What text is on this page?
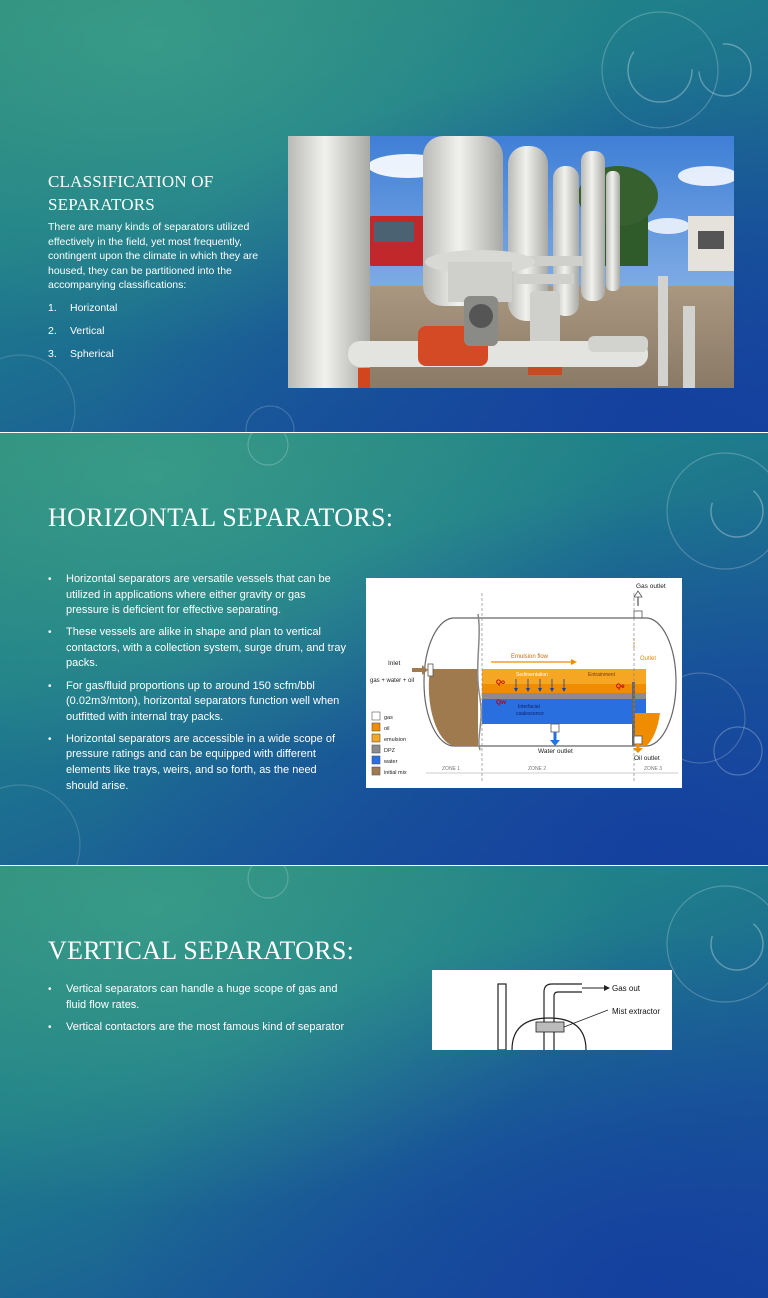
CLASSIFICATION OF
SEPARATORS
There are many kinds of separators utilized effectively in the field, yet most frequently, contingent upon the climate in which they are housed, they can be partitioned into the accompanying classifications:
1.	Horizontal
2.	Vertical
3.	Spherical
HORIZONTAL SEPARATORS:
• Horizontal separators are versatile vessels that can be utilized in applications where either gravity or gas pressure is deficient for effective separating.
• These vessels are alike in shape and plan to vertical contactors, with a collection system, surge drum, and tray packs.
• For gas/fluid proportions up to around 150 scfm/bbl (0.02m3/mton), horizontal separators function well when outfitted with internal tray packs.
• Horizontal separators are accessible in a wide scope of pressure ratings and can be equipped with different elements like trays, weirs, and so forth, as the need should arise.
Gas outlet
Emulsion flow	Outlet
Sedimentation	Entrainment
Qo
Qe
Qw
Interfacial
coalescence
Inlet
gas + water + oil
Water outlet
Oil outlet
ZONE 1	ZONE 2	ZONE 3
gas
oil
emulsion
DPZ
water
initial mix
VERTICAL SEPARATORS:
• Vertical separators can handle a huge scope of gas and fluid flow rates.
• Vertical contactors are the most famous kind of separator
Gas out
Mist extractor
